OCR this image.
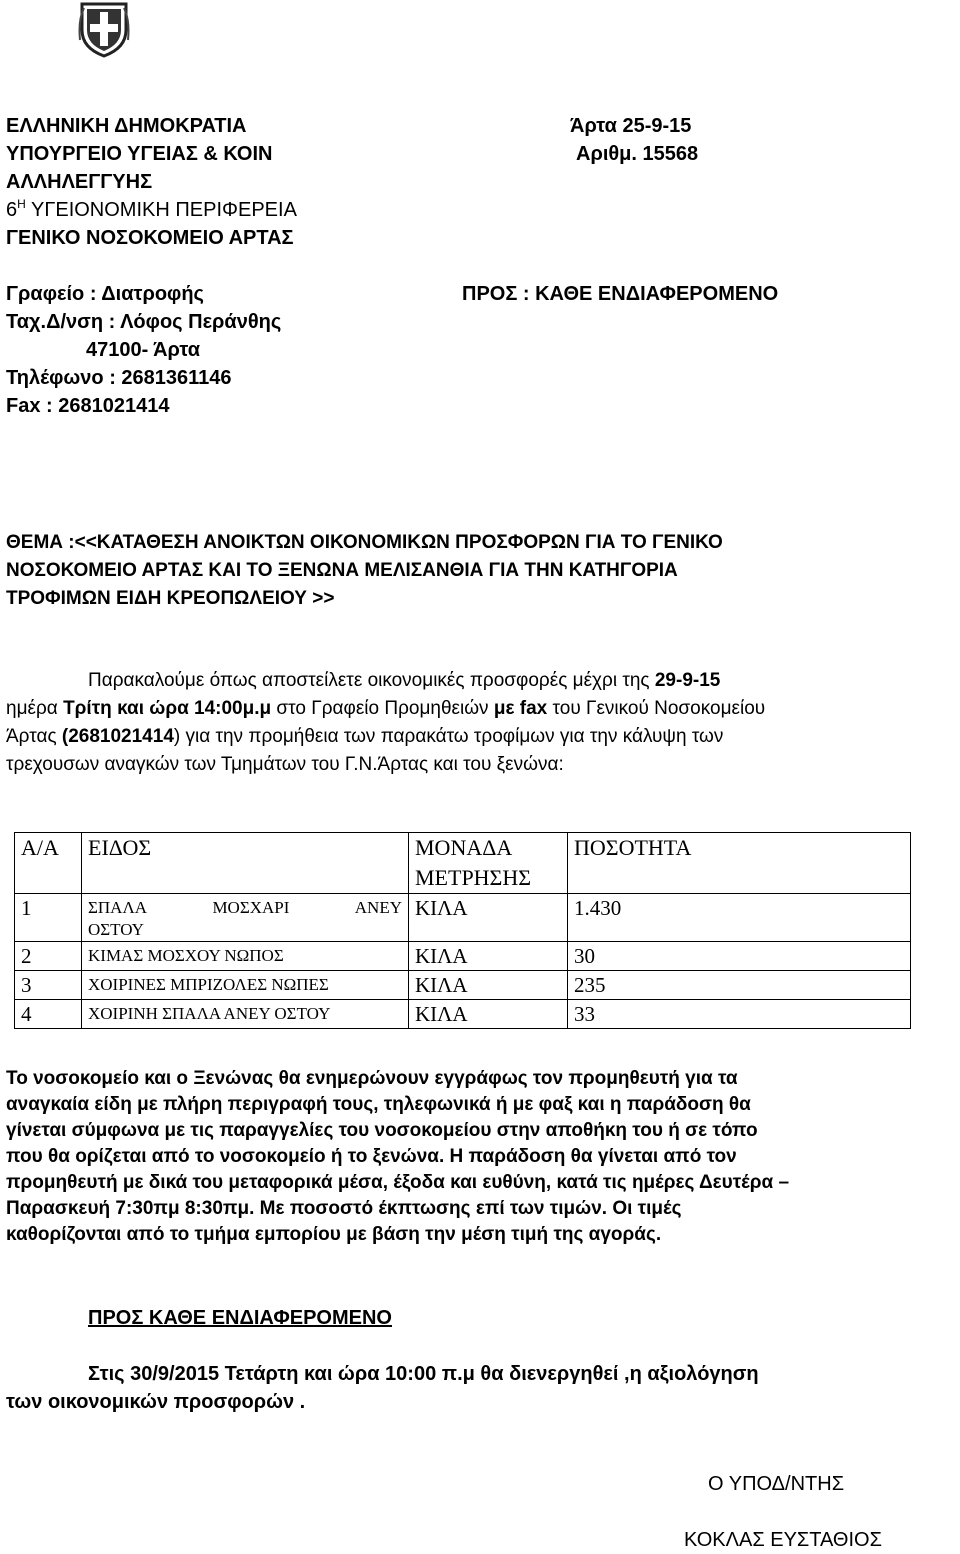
ΕΛΛΗΝΙΚΗ ΔΗΜΟΚΡΑΤΙΑ
ΥΠΟΥΡΓΕΙΟ ΥΓΕΙΑΣ & ΚΟΙΝ
ΑΛΛΗΛΕΓΓΥΗΣ
$6^H$ ΥΓΕΙΟΝΟΜΙΚΗ ΠΕΡΙΦΕΡΕΙΑ
ΓΕΝΙΚΟ ΝΟΣΟΚΟΜΕΙΟ ΑΡΤΑΣ
Άρτα 25-9-15
Αριθμ. 15568
Γραφείο : Διατροφής
Ταχ.Δ/νση : Λόφος Περάνθης
47100- Άρτα
Τηλέφωνο : 2681361146
Fax : 2681021414
ΠΡΟΣ : ΚΑΘΕ ΕΝΔΙΑΦΕΡΟΜΕΝΟ
ΘΕΜΑ :<<ΚΑΤΑΘΕΣΗ ΑΝΟΙΚΤΩΝ ΟΙΚΟΝΟΜΙΚΩΝ ΠΡΟΣΦΟΡΩΝ ΓΙΑ ΤΟ ΓΕΝΙΚΟ
ΝΟΣΟΚΟΜΕΙΟ ΑΡΤΑΣ ΚΑΙ ΤΟ ΞΕΝΩΝΑ ΜΕΛΙΣΑΝΘΙΑ ΓΙΑ ΤΗΝ ΚΑΤΗΓΟΡΙΑ
ΤΡΟΦΙΜΩΝ ΕΙΔΗ ΚΡΕΟΠΩΛΕΙΟΥ >>
Παρακαλούμε όπως αποστείλετε οικονομικές προσφορές μέχρι της 29-9-15
ημέρα Τρίτη και ώρα 14:00μ.μ στο Γραφείο Προμηθειών με fax του Γενικού Νοσοκομείου
Άρτας (2681021414) για την προμήθεια των παρακάτω τροφίμων για την κάλυψη των
τρεχουσων αναγκών των Τμημάτων του Γ.Ν.Άρτας και του ξενώνα:
Α/Α	ΕΙΔΟΣ	ΜΟΝΑΔΑ
ΜΕΤΡΗΣΗΣ	ΠΟΣΟΤΗΤΑ
1	ΣΠΑΛΑ ΜΟΣΧΑΡΙ ΑΝΕΥ
ΟΣΤΟΥ	ΚΙΛΑ	1.430
2	ΚΙΜΑΣ ΜΟΣΧΟΥ ΝΩΠΟΣ	ΚΙΛΑ	30
3	ΧΟΙΡΙΝΕΣ ΜΠΡΙΖΟΛΕΣ ΝΩΠΕΣ	ΚΙΛΑ	235
4	ΧΟΙΡΙΝΗ ΣΠΑΛΑ ΑΝΕΥ ΟΣΤΟΥ	ΚΙΛΑ	33
Το νοσοκομείο και ο Ξενώνας θα ενημερώνουν εγγράφως τον προμηθευτή για τα
αναγκαία είδη με πλήρη περιγραφή τους, τηλεφωνικά ή με φαξ και η παράδοση θα
γίνεται σύμφωνα με τις παραγγελίες του νοσοκομείου στην αποθήκη του ή σε τόπο
που θα ορίζεται από το νοσοκομείο ή το ξενώνα. Η παράδοση θα γίνεται από τον
προμηθευτή με δικά του μεταφορικά μέσα, έξοδα και ευθύνη, κατά τις ημέρες Δευτέρα –
Παρασκευή 7:30πμ 8:30πμ. Με ποσοστό έκπτωσης επί των τιμών. Οι τιμές
καθορίζονται από το τμήμα εμπορίου με βάση την μέση τιμή της αγοράς.
ΠΡΟΣ ΚΑΘΕ ΕΝΔΙΑΦΕΡΟΜΕΝΟ
Στις 30/9/2015 Τετάρτη και ώρα 10:00 π.μ θα διενεργηθεί ,η αξιολόγηση
των οικονομικών προσφορών .
Ο ΥΠΟΔ/ΝΤΗΣ
ΚΟΚΛΑΣ ΕΥΣΤΑΘΙΟΣ
